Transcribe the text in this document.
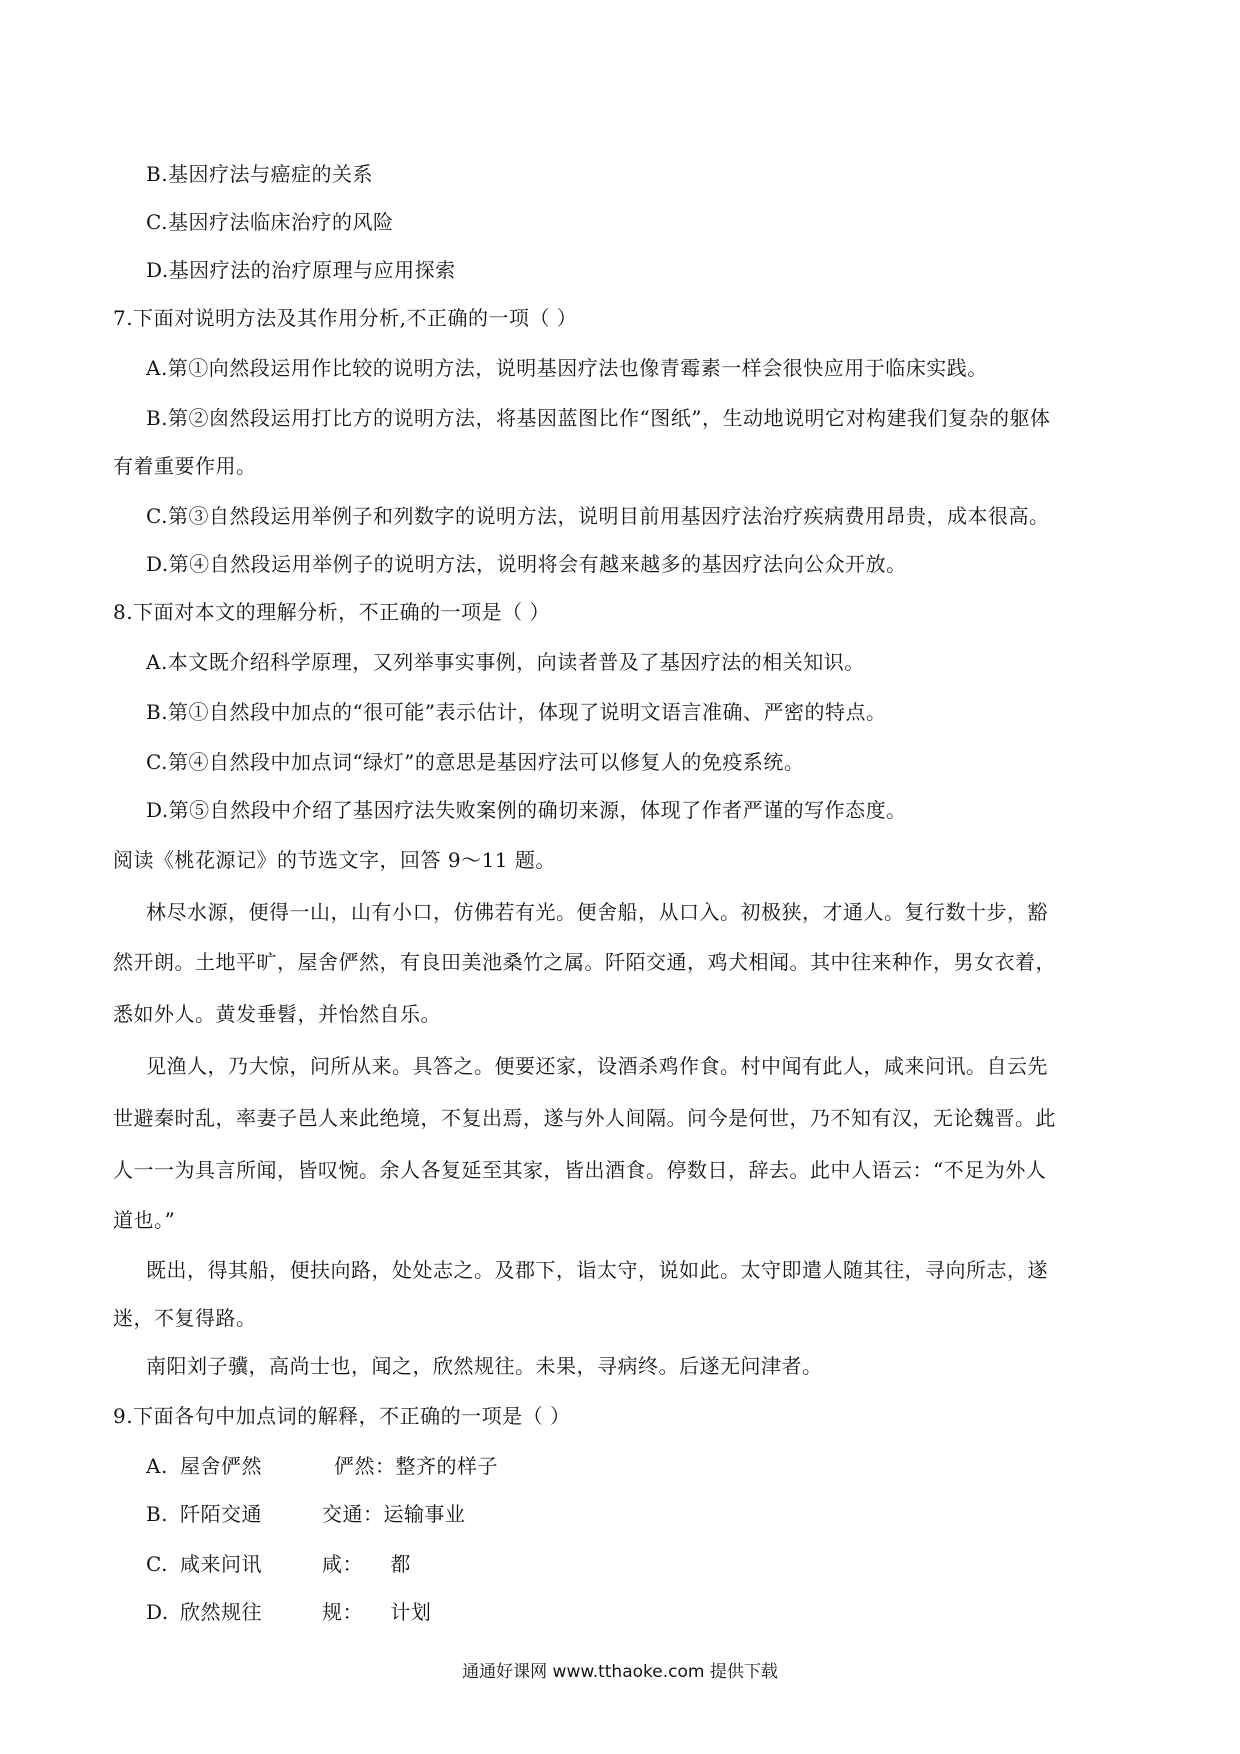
B.基因疗法与癌症的关系
C.基因疗法临床治疗的风险
D.基因疗法的治疗原理与应用探索
7.下面对说明方法及其作用分析,不正确的一项（ ）
A.第①向然段运用作比较的说明方法，说明基因疗法也像青霉素一样会很快应用于临床实践。
B.第②囱然段运用打比方的说明方法，将基因蓝图比作“图纸”，生动地说明它对构建我们复杂的躯体
有着重要作用。
C.第③自然段运用举例子和列数字的说明方法，说明目前用基因疗法治疗疾病费用昂贵，成本很高。
D.第④自然段运用举例子的说明方法，说明将会有越来越多的基因疗法向公众开放。
8.下面对本文的理解分析，不正确的一项是（ ）
A.本文既介绍科学原理，又列举事实事例，向读者普及了基因疗法的相关知识。
B.第①自然段中加点的“很可能”表示估计，体现了说明文语言准确、严密的特点。
C.第④自然段中加点词“绿灯”的意思是基因疗法可以修复人的免疫系统。
D.第⑤自然段中介绍了基因疗法失败案例的确切来源，体现了作者严谨的写作态度。
阅读《桃花源记》的节选文字，回答 9～11 题。
林尽水源，便得一山，山有小口，仿佛若有光。便舍船，从口入。初极狭，才通人。复行数十步，豁
然开朗。土地平旷，屋舍俨然，有良田美池桑竹之属。阡陌交通，鸡犬相闻。其中往来种作，男女衣着，
悉如外人。黄发垂髫，并怡然自乐。
见渔人，乃大惊，问所从来。具答之。便要还家，设酒杀鸡作食。村中闻有此人，咸来问讯。自云先
世避秦时乱，率妻子邑人来此绝境，不复出焉，遂与外人间隔。问今是何世，乃不知有汉，无论魏晋。此
人一一为具言所闻，皆叹惋。余人各复延至其家，皆出酒食。停数日，辞去。此中人语云：“不足为外人
道也。”
既出，得其船，便扶向路，处处志之。及郡下，诣太守，说如此。太守即遣人随其往，寻向所志，遂
迷，不复得路。
南阳刘子骥，高尚士也，闻之，欣然规往。未果，寻病终。后遂无问津者。
9.下面各句中加点词的解释，不正确的一项是（ ）
A. 屋舍俨然	俨然：整齐的样子
B. 阡陌交通	交通：运输事业
C. 咸来问讯	咸：    都
D. 欣然规往	规：    计划
通通好课网 www.tthaoke.com 提供下载
